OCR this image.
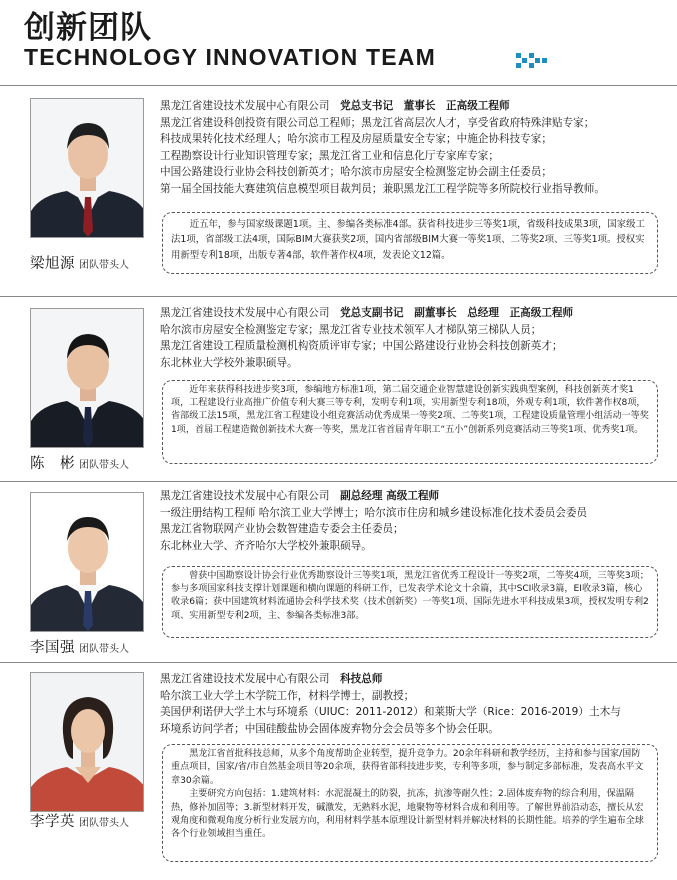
创新团队
TECHNOLOGY INNOVATION TEAM
梁旭源 团队带头人

黑龙江省建设技术发展中心有限公司　 党总支书记　董事长　正高级工程师

黑龙江省建设科创投资有限公司总工程师；黑龙江省高层次人才，享受省政府特殊津贴专家；

科技成果转化技术经理人；哈尔滨市工程及房屋质量安全专家；中施企协科技专家；

工程勘察设计行业知识管理专家；黑龙江省工业和信息化厅专家库专家；

中国公路建设行业协会科技创新英才；哈尔滨市房屋安全检测鉴定协会副主任委员；

第一届全国技能大赛建筑信息模型项目裁判员；兼职黑龙江工程学院等多所院校行业指导教师。

近五年，参与国家级课题1项。主、参编各类标准4部。获省科技进步三等奖1项，省级科技成果3项，国家级工法1项，省部级工法4项，国际BIM大赛获奖2项，国内省部级BIM大赛一等奖1项、二等奖2项、三等奖1项。授权实用新型专利18项，出版专著4部，软件著作权4项，发表论文12篇。

陈　彬 团队带头人

黑龙江省建设技术发展中心有限公司　 党总支副书记　副董事长　总经理　正高级工程师

哈尔滨市房屋安全检测鉴定专家；黑龙江省专业技术领军人才梯队第三梯队人员；

黑龙江省建设工程质量检测机构资质评审专家；中国公路建设行业协会科技创新英才；

东北林业大学校外兼职硕导。

近年来获得科技进步奖3项，参编地方标准1项，第二届交通企业智慧建设创新实践典型案例，科技创新英才奖1项，工程建设行业高推广价值专利大赛三等专利，发明专利1项，实用新型专利18项，外观专利1项，软件著作权8项，省部级工法15项，黑龙江省工程建设小组竞赛活动优秀成果一等奖2项、二等奖1项，工程建设质量管理小组活动一等奖1项，首届工程建造微创新技术大赛一等奖，黑龙江省首届青年职工“五小”创新系列竞赛活动三等奖1项、优秀奖1项。

李国强 团队带头人

黑龙江省建设技术发展中心有限公司　 副总经理 高级工程师

一级注册结构工程师 哈尔滨工业大学博士；哈尔滨市住房和城乡建设标准化技术委员会委员

黑龙江省物联网产业协会数智建造专委会主任委员；

东北林业大学、齐齐哈尔大学校外兼职硕导。

曾获中国勘察设计协会行业优秀勘察设计三等奖1项，黑龙江省优秀工程设计一等奖2项，二等奖4项，三等奖3项；参与多项国家科技支撑计划课题和横向课题的科研工作，已发表学术论文十余篇，其中SCI收录3篇，EI收录3篇，核心收录6篇；获中国建筑材料流通协会科学技术奖（技术创新奖）一等奖1项、国际先进水平科技成果3项，授权发明专利2项、实用新型专利2项，主、参编各类标准3部。

李学英 团队带头人

黑龙江省建设技术发展中心有限公司　 科技总师

哈尔滨工业大学土木学院工作，材料学博士，副教授；

美国伊利诺伊大学土木与环境系（UIUC：2011-2012）和莱斯大学（Rice：2016-2019）土木与

环境系访问学者；中国硅酸盐协会固体废弃物分会会员等多个协会任职。

黑龙江省首批科技总师，从多个角度帮助企业转型，提升竞争力。20余年科研和教学经历，主持和参与国家/国防重点项目，国家/省/市自然基金项目等20余项，获得省部科技进步奖，专利等多项，参与制定多部标准，发表高水平文章30余篇。

主要研究方向包括：1.建筑材料：水泥混凝土的防裂，抗冻，抗渗等耐久性；2.固体废弃物的综合利用，保温隔热，修补加固等；3.新型材料开发，碱激发，无熟料水泥，地聚物等材料合成和利用等。了解世界前沿动态，擅长从宏观角度和微观角度分析行业发展方向，利用材料学基本原理设计新型材料并解决材料的长期性能。培养的学生遍布全球各个行业领域担当重任。
